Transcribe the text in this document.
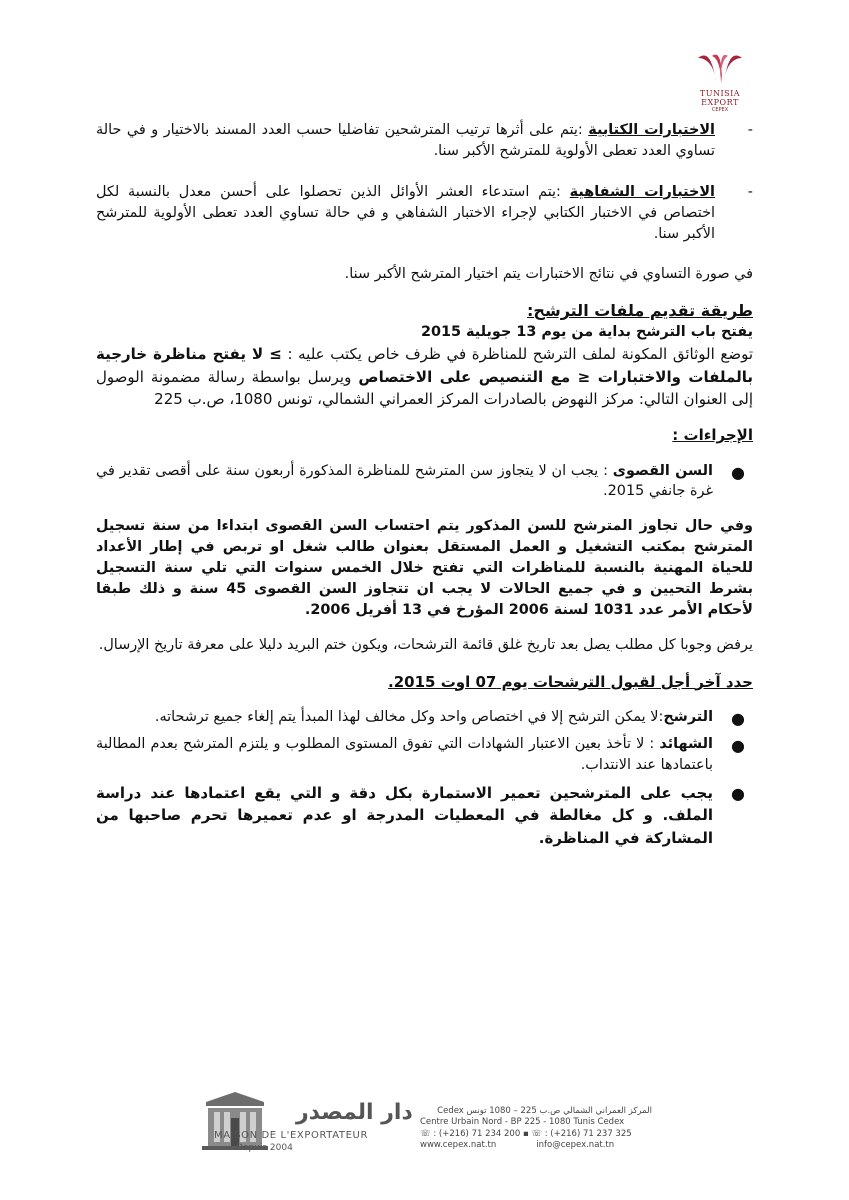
TUNISIA EXPORT
CEPEX
-

الاختبارات الكتابية :يتم على أثرها ترتيب المترشحين تفاضليا حسب العدد المسند بالاختيار و في حالة تساوي العدد تعطى الأولوية للمترشح الأكبر سنا.

-

الاختبارات الشفاهية :يتم استدعاء العشر الأوائل الذين تحصلوا على أحسن معدل بالنسبة لكل اختصاص في الاختبار الكتابي لإجراء الاختبار الشفاهي و في حالة تساوي العدد تعطى الأولوية للمترشح الأكبر سنا.

في صورة التساوي في نتائج الاختبارات يتم اختيار المترشح الأكبر سنا.

طريقة تقديم ملفات الترشح:

يفتح باب الترشح بداية من يوم 13 جويلية 2015

توضع الوثائق المكونة لملف الترشح للمناظرة في ظرف خاص يكتب عليه : ≥ لا يفتح مناظرة خارجية بالملفات والاختبارات ≤ مع التنصيص على الاختصاص ويرسل بواسطة رسالة مضمونة الوصول إلى العنوان التالي: مركز النهوض بالصادرات المركز العمراني الشمالي، تونس 1080، ص.ب 225

الإجراءات :

●

السن القصوى : يجب ان لا يتجاوز سن المترشح للمناظرة المذكورة أربعون سنة على أقصى تقدير في غرة جانفي 2015.

وفي حال تجاوز المترشح للسن المذكور يتم احتساب السن القصوى ابتداءا من سنة تسجيل المترشح بمكتب التشغيل و العمل المستقل بعنوان طالب شغل او تربص في إطار الأعداد للحياة المهنية بالنسبة للمناظرات التي تفتح خلال الخمس سنوات التي تلي سنة التسجيل بشرط التحيين و في جميع الحالات لا يجب ان تتجاوز السن القصوى 45 سنة و ذلك طبقا لأحكام الأمر عدد 1031 لسنة 2006 المؤرخ في 13 أفريل 2006.

يرفض وجوبا كل مطلب يصل بعد تاريخ غلق قائمة الترشحات، ويكون ختم البريد دليلا على معرفة تاريخ الإرسال.

حدد آخر أجل لقبول الترشحات يوم 07 اوت 2015.

●

الترشح:لا يمكن الترشح إلا في اختصاص واحد وكل مخالف لهذا المبدأ يتم إلغاء جميع ترشحاته.

●

الشهائد : لا تأخذ بعين الاعتبار الشهادات التي تفوق المستوى المطلوب و يلتزم المترشح بعدم المطالبة باعتمادها عند الانتداب.

●

يجب على المترشحين تعمير الاستمارة بكل دقة و التي يقع اعتمادها عند دراسة الملف. و كل مغالطة في المعطيات المدرجة او عدم تعميرها تحرم صاحبها من المشاركة في المناظرة.

دار المصدر
MAISON DE L'EXPORTATEUR
Depuis 2004
المركز العمراني الشمالي ص.ب 225 – 1080 تونس Cedex
Centre Urbain Nord - BP 225 - 1080 Tunis Cedex
☏ : (+216) 71 234 200 ▪ ☏ : (+216) 71 237 325
www.cepex.nat.tn	info@cepex.nat.tn
